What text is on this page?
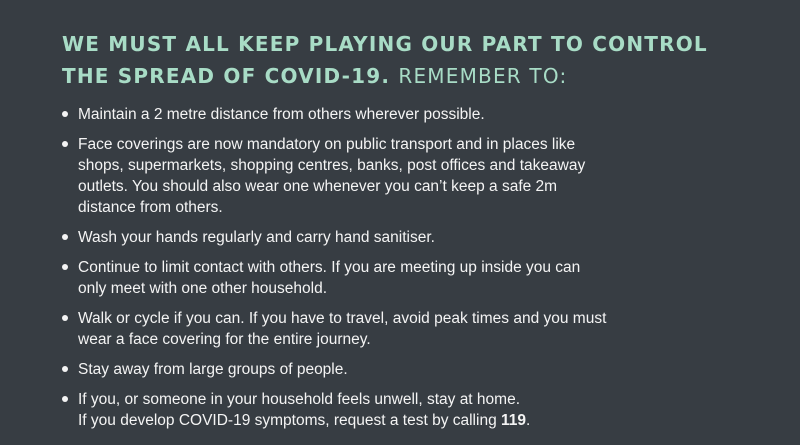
WE MUST ALL KEEP PLAYING OUR PART TO CONTROL
THE SPREAD OF COVID-19. REMEMBER TO:
Maintain a 2 metre distance from others wherever possible.
Face coverings are now mandatory on public transport and in places like
shops, supermarkets, shopping centres, banks, post offices and takeaway
outlets. You should also wear one whenever you can’t keep a safe 2m
distance from others.
Wash your hands regularly and carry hand sanitiser.
Continue to limit contact with others. If you are meeting up inside you can
only meet with one other household.
Walk or cycle if you can. If you have to travel, avoid peak times and you must
wear a face covering for the entire journey.
Stay away from large groups of people.
If you, or someone in your household feels unwell, stay at home.
If you develop COVID-19 symptoms, request a test by calling 119.
